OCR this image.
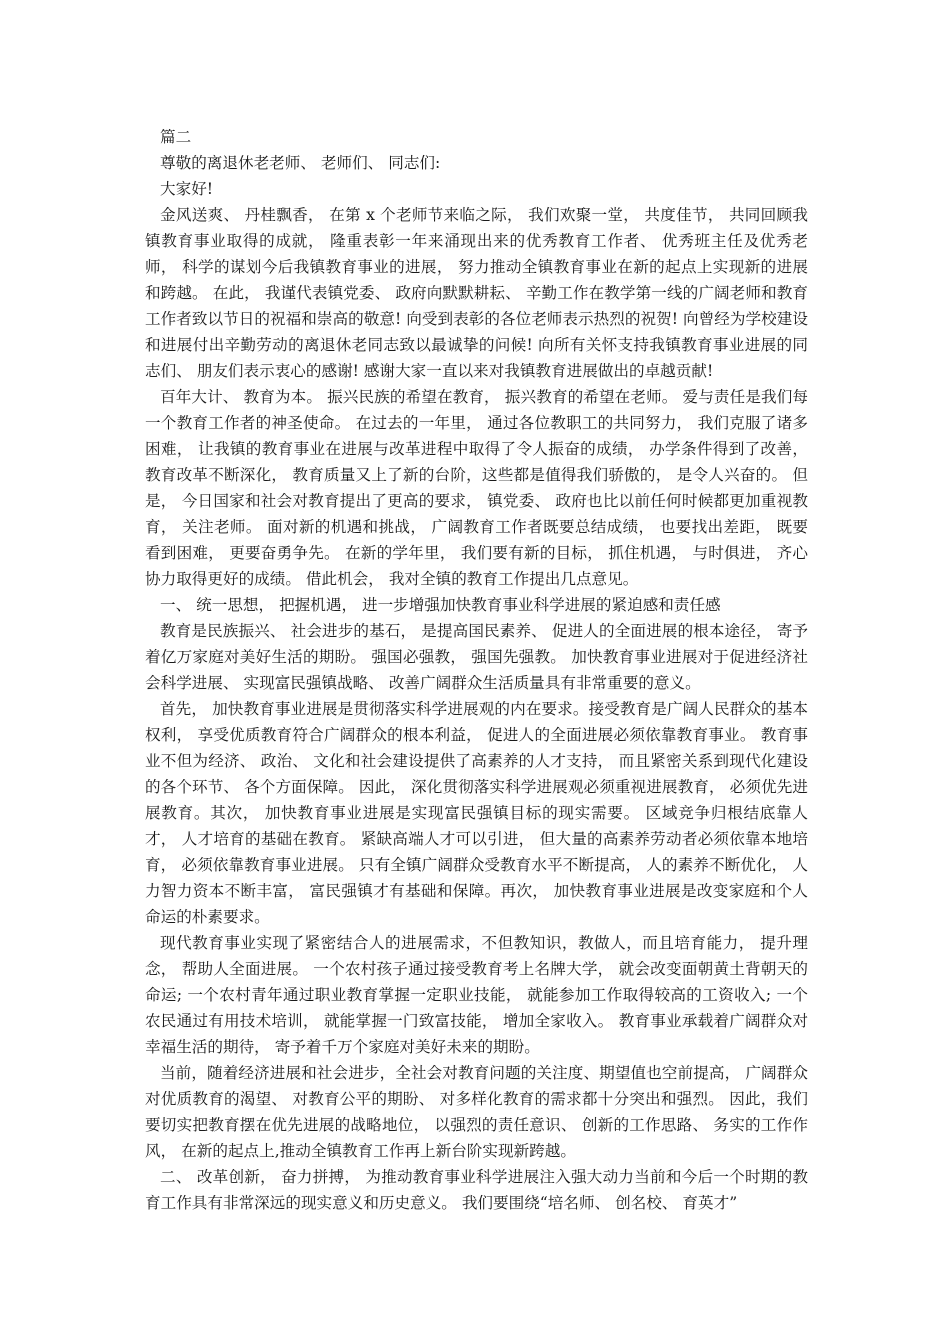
篇二

尊敬的离退休老老师、 老师们、 同志们:

大家好!

金风送爽、 丹桂飘香， 在第 x 个老师节来临之际， 我们欢聚一堂， 共度佳节， 共同回顾我镇教育事业取得的成就， 隆重表彰一年来涌现出来的优秀教育工作者、 优秀班主任及优秀老师， 科学的谋划今后我镇教育事业的进展， 努力推动全镇教育事业在新的起点上实现新的进展和跨越。 在此， 我谨代表镇党委、 政府向默默耕耘、 辛勤工作在教学第一线的广阔老师和教育工作者致以节日的祝福和崇高的敬意! 向受到表彰的各位老师表示热烈的祝贺! 向曾经为学校建设和进展付出辛勤劳动的离退休老同志致以最诚挚的问候! 向所有关怀支持我镇教育事业进展的同志们、 朋友们表示衷心的感谢! 感谢大家一直以来对我镇教育进展做出的卓越贡献!

百年大计、 教育为本。 振兴民族的希望在教育， 振兴教育的希望在老师。 爱与责任是我们每一个教育工作者的神圣使命。 在过去的一年里， 通过各位教职工的共同努力， 我们克服了诸多困难， 让我镇的教育事业在进展与改革进程中取得了令人振奋的成绩， 办学条件得到了改善， 教育改革不断深化， 教育质量又上了新的台阶，这些都是值得我们骄傲的， 是令人兴奋的。 但是， 今日国家和社会对教育提出了更高的要求， 镇党委、 政府也比以前任何时候都更加重视教育， 关注老师。 面对新的机遇和挑战， 广阔教育工作者既要总结成绩， 也要找出差距， 既要看到困难， 更要奋勇争先。 在新的学年里， 我们要有新的目标， 抓住机遇， 与时俱进， 齐心协力取得更好的成绩。 借此机会， 我对全镇的教育工作提出几点意见。

一、 统一思想， 把握机遇， 进一步增强加快教育事业科学进展的紧迫感和责任感

教育是民族振兴、 社会进步的基石， 是提高国民素养、 促进人的全面进展的根本途径， 寄予着亿万家庭对美好生活的期盼。 强国必强教， 强国先强教。 加快教育事业进展对于促进经济社会科学进展、 实现富民强镇战略、 改善广阔群众生活质量具有非常重要的意义。

首先， 加快教育事业进展是贯彻落实科学进展观的内在要求。接受教育是广阔人民群众的基本权利， 享受优质教育符合广阔群众的根本利益， 促进人的全面进展必须依靠教育事业。 教育事业不但为经济、 政治、 文化和社会建设提供了高素养的人才支持， 而且紧密关系到现代化建设的各个环节、 各个方面保障。 因此， 深化贯彻落实科学进展观必须重视进展教育， 必须优先进展教育。其次， 加快教育事业进展是实现富民强镇目标的现实需要。 区域竞争归根结底靠人才， 人才培育的基础在教育。 紧缺高端人才可以引进， 但大量的高素养劳动者必须依靠本地培育， 必须依靠教育事业进展。 只有全镇广阔群众受教育水平不断提高， 人的素养不断优化， 人力智力资本不断丰富， 富民强镇才有基础和保障。再次， 加快教育事业进展是改变家庭和个人命运的朴素要求。

现代教育事业实现了紧密结合人的进展需求，不但教知识，教做人，而且培育能力， 提升理念， 帮助人全面进展。 一个农村孩子通过接受教育考上名牌大学， 就会改变面朝黄土背朝天的命运; 一个农村青年通过职业教育掌握一定职业技能， 就能参加工作取得较高的工资收入; 一个农民通过有用技术培训， 就能掌握一门致富技能， 增加全家收入。 教育事业承载着广阔群众对幸福生活的期待， 寄予着千万个家庭对美好未来的期盼。

当前，随着经济进展和社会进步，全社会对教育问题的关注度、期望值也空前提高， 广阔群众对优质教育的渴望、 对教育公平的期盼、 对多样化教育的需求都十分突出和强烈。 因此，我们要切实把教育摆在优先进展的战略地位， 以强烈的责任意识、 创新的工作思路、 务实的工作作风， 在新的起点上,推动全镇教育工作再上新台阶实现新跨越。

二、 改革创新， 奋力拼搏， 为推动教育事业科学进展注入强大动力当前和今后一个时期的教育工作具有非常深远的现实意义和历史意义。 我们要围绕“培名师、 创名校、 育英才”
